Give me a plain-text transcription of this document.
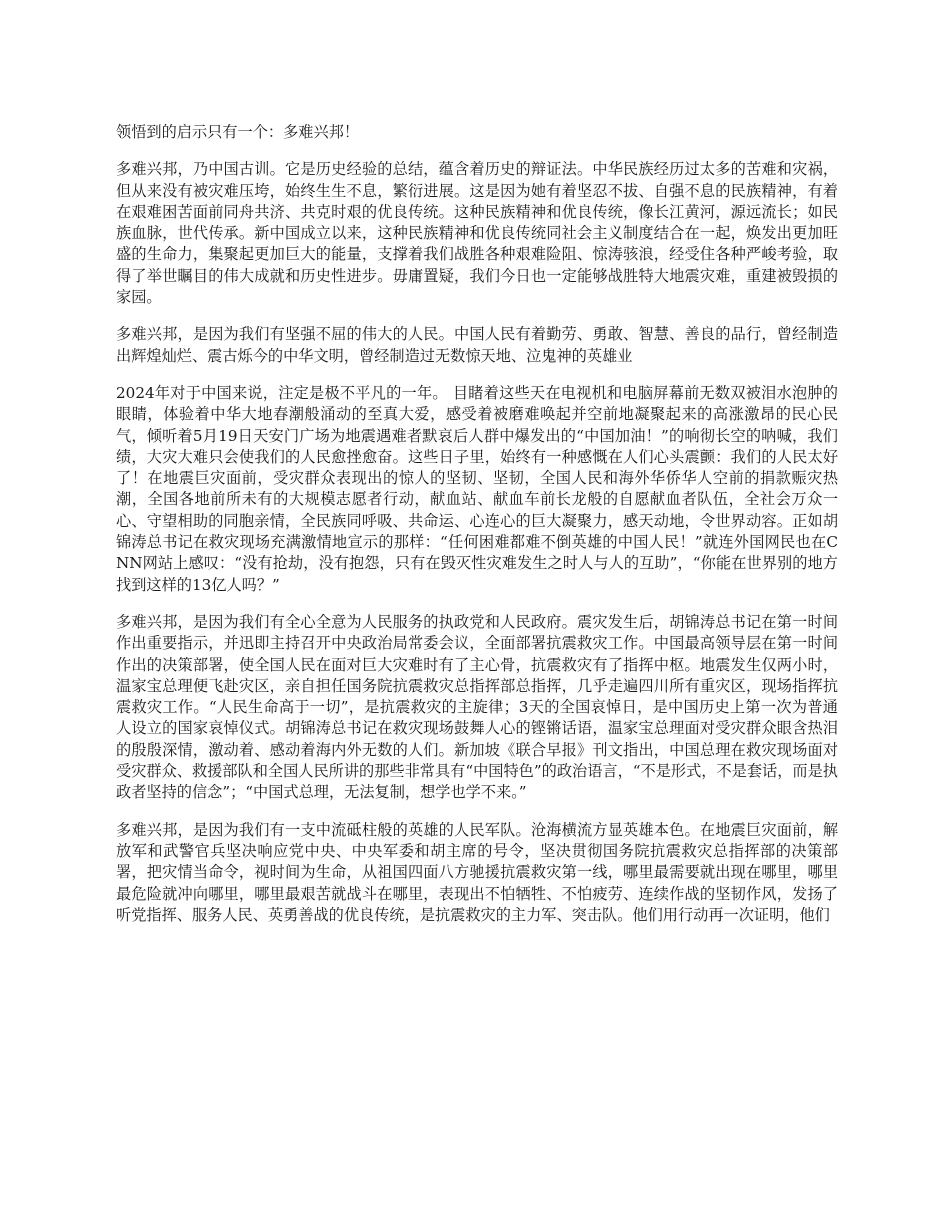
领悟到的启示只有一个：多难兴邦！

多难兴邦，乃中国古训。它是历史经验的总结，蕴含着历史的辩证法。中华民族经历过太多的苦难和灾祸，但从来没有被灾难压垮，始终生生不息，繁衍进展。这是因为她有着坚忍不拔、自强不息的民族精神，有着在艰难困苦面前同舟共济、共克时艰的优良传统。这种民族精神和优良传统，像长江黄河，源远流长；如民族血脉，世代传承。新中国成立以来，这种民族精神和优良传统同社会主义制度结合在一起，焕发出更加旺盛的生命力，集聚起更加巨大的能量，支撑着我们战胜各种艰难险阻、惊涛骇浪，经受住各种严峻考验，取得了举世瞩目的伟大成就和历史性进步。毋庸置疑，我们今日也一定能够战胜特大地震灾难，重建被毁损的家园。

多难兴邦，是因为我们有坚强不屈的伟大的人民。中国人民有着勤劳、勇敢、智慧、善良的品行，曾经制造出辉煌灿烂、震古烁今的中华文明，曾经制造过无数惊天地、泣鬼神的英雄业

2024年对于中国来说，注定是极不平凡的一年。 目睹着这些天在电视机和电脑屏幕前无数双被泪水泡肿的眼睛，体验着中华大地春潮般涌动的至真大爱，感受着被磨难唤起并空前地凝聚起来的高涨激昂的民心民气，倾听着5月19日天安门广场为地震遇难者默哀后人群中爆发出的“中国加油！”的响彻长空的呐喊，我们绩，大灾大难只会使我们的人民愈挫愈奋。这些日子里，始终有一种感慨在人们心头震颤：我们的人民太好了！在地震巨灾面前，受灾群众表现出的惊人的坚韧、坚韧，全国人民和海外华侨华人空前的捐款赈灾热潮，全国各地前所未有的大规模志愿者行动，献血站、献血车前长龙般的自愿献血者队伍，全社会万众一心、守望相助的同胞亲情，全民族同呼吸、共命运、心连心的巨大凝聚力，感天动地，令世界动容。正如胡锦涛总书记在救灾现场充满激情地宣示的那样：“任何困难都难不倒英雄的中国人民！”就连外国网民也在CNN网站上感叹：“没有抢劫，没有抱怨，只有在毁灭性灾难发生之时人与人的互助”，“你能在世界别的地方找到这样的13亿人吗？”

多难兴邦，是因为我们有全心全意为人民服务的执政党和人民政府。震灾发生后，胡锦涛总书记在第一时间作出重要指示，并迅即主持召开中央政治局常委会议，全面部署抗震救灾工作。中国最高领导层在第一时间作出的决策部署，使全国人民在面对巨大灾难时有了主心骨，抗震救灾有了指挥中枢。地震发生仅两小时，温家宝总理便飞赴灾区，亲自担任国务院抗震救灾总指挥部总指挥，几乎走遍四川所有重灾区，现场指挥抗震救灾工作。“人民生命高于一切”，是抗震救灾的主旋律；3天的全国哀悼日，是中国历史上第一次为普通人设立的国家哀悼仪式。胡锦涛总书记在救灾现场鼓舞人心的铿锵话语，温家宝总理面对受灾群众眼含热泪的殷殷深情，激动着、感动着海内外无数的人们。新加坡《联合早报》刊文指出，中国总理在救灾现场面对受灾群众、救援部队和全国人民所讲的那些非常具有“中国特色”的政治语言，“不是形式，不是套话，而是执政者坚持的信念”；“中国式总理，无法复制，想学也学不来。”

多难兴邦，是因为我们有一支中流砥柱般的英雄的人民军队。沧海横流方显英雄本色。在地震巨灾面前，解放军和武警官兵坚决响应党中央、中央军委和胡主席的号令，坚决贯彻国务院抗震救灾总指挥部的决策部署，把灾情当命令，视时间为生命，从祖国四面八方驰援抗震救灾第一线，哪里最需要就出现在哪里，哪里最危险就冲向哪里，哪里最艰苦就战斗在哪里，表现出不怕牺牲、不怕疲劳、连续作战的坚韧作风，发扬了听党指挥、服务人民、英勇善战的优良传统，是抗震救灾的主力军、突击队。他们用行动再一次证明，他们
